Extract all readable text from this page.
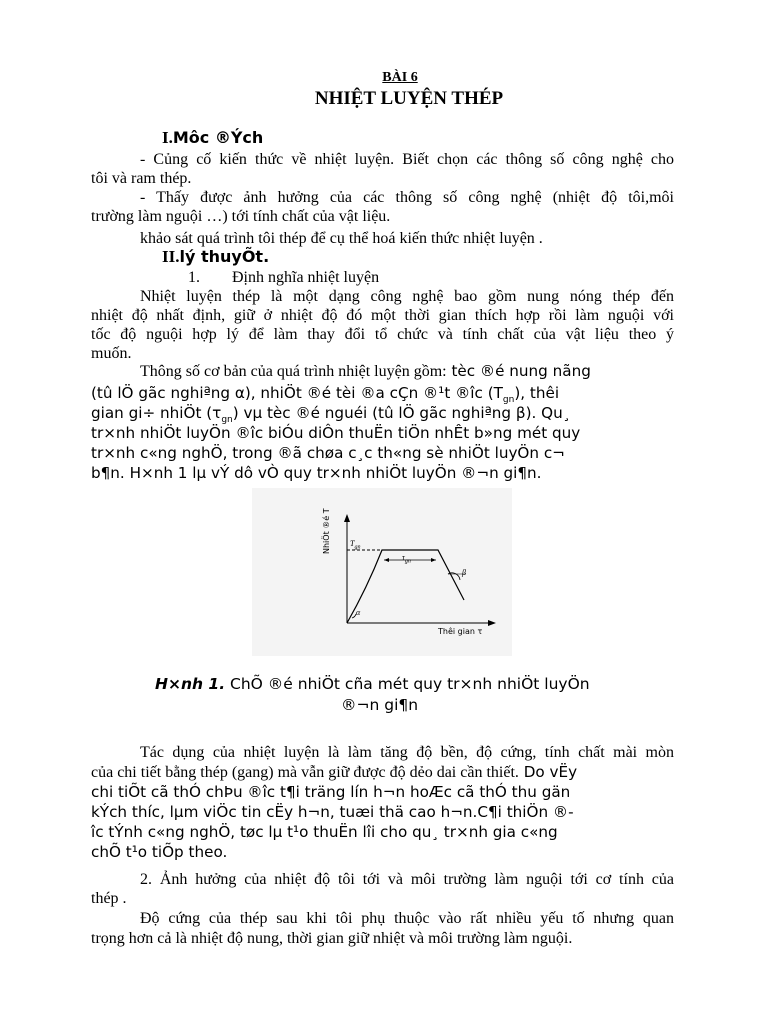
BÀI 6
NHIỆT LUYỆN THÉP
I.Môc ®Ých
- Củng cố kiến thức về nhiệt luyện. Biết chọn các thông số công nghệ cho
tôi và ram thép.
- Thấy được ảnh hưởng của các thông số công nghệ (nhiệt độ tôi,môi
trường làm nguội …) tới tính chất của vật liệu.
khảo sát quá trình tôi thép để cụ thể hoá kiến thức nhiệt luyện .
II.lý thuyÕt.
1. Định nghĩa nhiệt luyện
Nhiệt luyện thép là một dạng công nghệ bao gồm nung nóng thép đến
nhiệt độ nhất định, giữ ở nhiệt độ đó một thời gian thích hợp rồi làm nguội với
tốc độ nguội hợp lý để làm thay đổi tổ chức và tính chất của vật liệu theo ý
muốn.
Thông số cơ bản của quá trình nhiệt luyện gồm: tèc ®é nung nãng
(tû lÖ gãc nghiªng α), nhiÖt ®é tèi ®a cÇn ®¹t ®îc $(T_{gn})$, thêi
gian gi÷ nhiÖt $(\tau_{gn})$ vµ tèc ®é nguéi (tû lÖ gãc nghiªng β). Qu¸
tr×nh nhiÖt luyÖn ®îc biÓu diÔn thuËn tiÖn nhÊt b»ng mét quy
tr×nh c«ng nghÖ, trong ®ã chøa c¸c th«ng sè nhiÖt luyÖn c¬
b¶n. H×nh 1 lµ vÝ dô vÒ quy tr×nh nhiÖt luyÖn ®¬n gi¶n.
NhiÖt ®é T $T_{gn}$
$\tau_{gn}$
α
β
Thêi gian τ
H×nh 1. ChÕ ®é nhiÖt cña mét quy tr×nh nhiÖt luyÖn
®¬n gi¶n
Tác dụng của nhiệt luyện là làm tăng độ bền, độ cứng, tính chất mài mòn
của chi tiết bằng thép (gang) mà vẫn giữ được độ dẻo dai cần thiết. Do vËy
chi tiÕt cã thÓ chÞu ®îc t¶i träng lín h¬n hoÆc cã thÓ thu gän
kÝch thíc, lµm viÖc tin cËy h¬n, tuæi thä cao h¬n.C¶i thiÖn ®-
îc tÝnh c«ng nghÖ, tøc lµ t¹o thuËn lîi cho qu¸ tr×nh gia c«ng
chÕ t¹o tiÕp theo.
2. Ảnh hưởng của nhiệt độ tôi tới và môi trường làm nguội tới cơ tính của
thép .
Độ cứng của thép sau khi tôi phụ thuộc vào rất nhiều yếu tố nhưng quan
trọng hơn cả là nhiệt độ nung, thời gian giữ nhiệt và môi trường làm nguội.
